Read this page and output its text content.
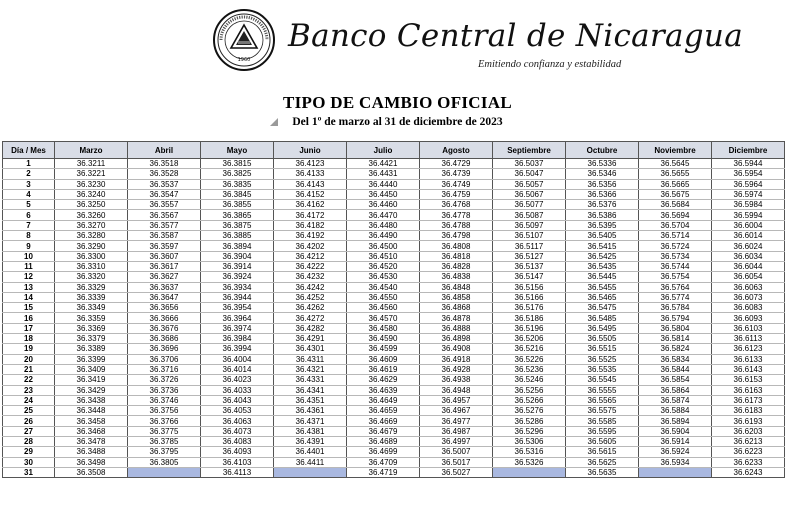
1960
Banco Central de Nicaragua
Emitiendo confianza y estabilidad
TIPO DE CAMBIO OFICIAL
Del 1º de marzo al 31 de diciembre de 2023
Día / Mes	Marzo	Abril	Mayo	Junio	Julio	Agosto	Septiembre	Octubre	Noviembre	Diciembre
1	36.3211	36.3518	36.3815	36.4123	36.4421	36.4729	36.5037	36.5336	36.5645	36.5944
2	36.3221	36.3528	36.3825	36.4133	36.4431	36.4739	36.5047	36.5346	36.5655	36.5954
3	36.3230	36.3537	36.3835	36.4143	36.4440	36.4749	36.5057	36.5356	36.5665	36.5964
4	36.3240	36.3547	36.3845	36.4152	36.4450	36.4759	36.5067	36.5366	36.5675	36.5974
5	36.3250	36.3557	36.3855	36.4162	36.4460	36.4768	36.5077	36.5376	36.5684	36.5984
6	36.3260	36.3567	36.3865	36.4172	36.4470	36.4778	36.5087	36.5386	36.5694	36.5994
7	36.3270	36.3577	36.3875	36.4182	36.4480	36.4788	36.5097	36.5395	36.5704	36.6004
8	36.3280	36.3587	36.3885	36.4192	36.4490	36.4798	36.5107	36.5405	36.5714	36.6014
9	36.3290	36.3597	36.3894	36.4202	36.4500	36.4808	36.5117	36.5415	36.5724	36.6024
10	36.3300	36.3607	36.3904	36.4212	36.4510	36.4818	36.5127	36.5425	36.5734	36.6034
11	36.3310	36.3617	36.3914	36.4222	36.4520	36.4828	36.5137	36.5435	36.5744	36.6044
12	36.3320	36.3627	36.3924	36.4232	36.4530	36.4838	36.5147	36.5445	36.5754	36.6054
13	36.3329	36.3637	36.3934	36.4242	36.4540	36.4848	36.5156	36.5455	36.5764	36.6063
14	36.3339	36.3647	36.3944	36.4252	36.4550	36.4858	36.5166	36.5465	36.5774	36.6073
15	36.3349	36.3656	36.3954	36.4262	36.4560	36.4868	36.5176	36.5475	36.5784	36.6083
16	36.3359	36.3666	36.3964	36.4272	36.4570	36.4878	36.5186	36.5485	36.5794	36.6093
17	36.3369	36.3676	36.3974	36.4282	36.4580	36.4888	36.5196	36.5495	36.5804	36.6103
18	36.3379	36.3686	36.3984	36.4291	36.4590	36.4898	36.5206	36.5505	36.5814	36.6113
19	36.3389	36.3696	36.3994	36.4301	36.4599	36.4908	36.5216	36.5515	36.5824	36.6123
20	36.3399	36.3706	36.4004	36.4311	36.4609	36.4918	36.5226	36.5525	36.5834	36.6133
21	36.3409	36.3716	36.4014	36.4321	36.4619	36.4928	36.5236	36.5535	36.5844	36.6143
22	36.3419	36.3726	36.4023	36.4331	36.4629	36.4938	36.5246	36.5545	36.5854	36.6153
23	36.3429	36.3736	36.4033	36.4341	36.4639	36.4948	36.5256	36.5555	36.5864	36.6163
24	36.3438	36.3746	36.4043	36.4351	36.4649	36.4957	36.5266	36.5565	36.5874	36.6173
25	36.3448	36.3756	36.4053	36.4361	36.4659	36.4967	36.5276	36.5575	36.5884	36.6183
26	36.3458	36.3766	36.4063	36.4371	36.4669	36.4977	36.5286	36.5585	36.5894	36.6193
27	36.3468	36.3775	36.4073	36.4381	36.4679	36.4987	36.5296	36.5595	36.5904	36.6203
28	36.3478	36.3785	36.4083	36.4391	36.4689	36.4997	36.5306	36.5605	36.5914	36.6213
29	36.3488	36.3795	36.4093	36.4401	36.4699	36.5007	36.5316	36.5615	36.5924	36.6223
30	36.3498	36.3805	36.4103	36.4411	36.4709	36.5017	36.5326	36.5625	36.5934	36.6233
31	36.3508		36.4113		36.4719	36.5027		36.5635		36.6243
